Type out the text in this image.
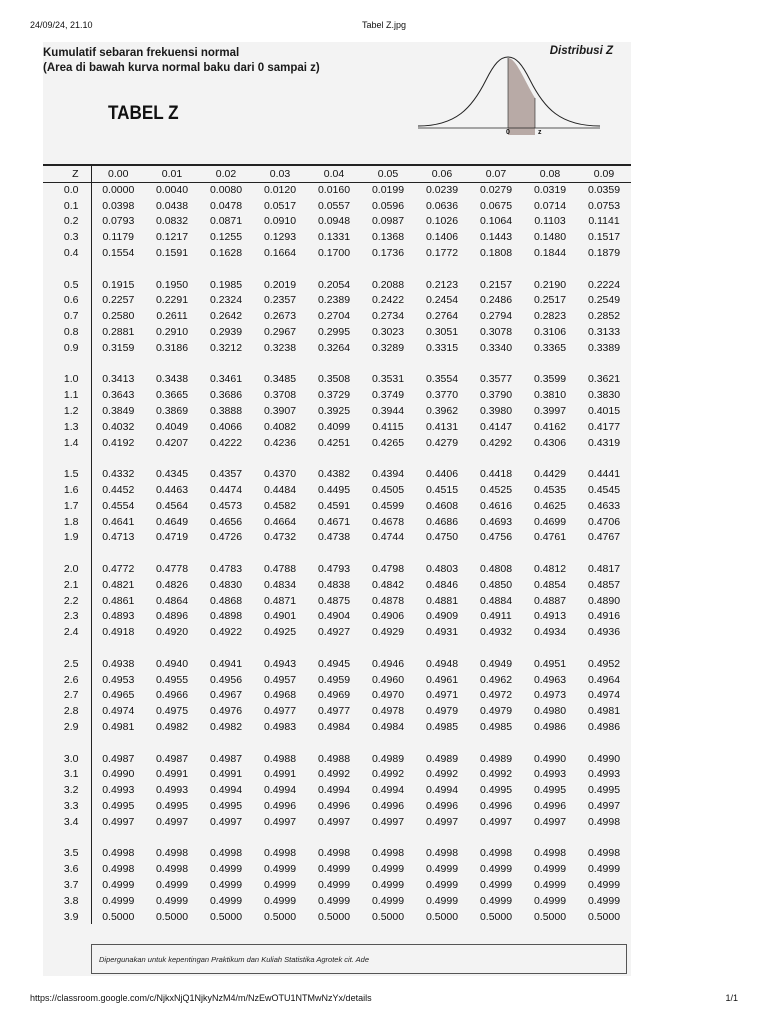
24/09/24, 21.10	Tabel Z.jpg
Kumulatif sebaran frekuensi normal
(Area di bawah kurva normal baku dari 0 sampai z)
Distribusi Z
TABEL Z
0	z
Z	0.00	0.01	0.02	0.03	0.04	0.05	0.06	0.07	0.08	0.09
0.0	0.0000	0.0040	0.0080	0.0120	0.0160	0.0199	0.0239	0.0279	0.0319	0.0359
0.1	0.0398	0.0438	0.0478	0.0517	0.0557	0.0596	0.0636	0.0675	0.0714	0.0753
0.2	0.0793	0.0832	0.0871	0.0910	0.0948	0.0987	0.1026	0.1064	0.1103	0.1141
0.3	0.1179	0.1217	0.1255	0.1293	0.1331	0.1368	0.1406	0.1443	0.1480	0.1517
0.4	0.1554	0.1591	0.1628	0.1664	0.1700	0.1736	0.1772	0.1808	0.1844	0.1879

0.5	0.1915	0.1950	0.1985	0.2019	0.2054	0.2088	0.2123	0.2157	0.2190	0.2224
0.6	0.2257	0.2291	0.2324	0.2357	0.2389	0.2422	0.2454	0.2486	0.2517	0.2549
0.7	0.2580	0.2611	0.2642	0.2673	0.2704	0.2734	0.2764	0.2794	0.2823	0.2852
0.8	0.2881	0.2910	0.2939	0.2967	0.2995	0.3023	0.3051	0.3078	0.3106	0.3133
0.9	0.3159	0.3186	0.3212	0.3238	0.3264	0.3289	0.3315	0.3340	0.3365	0.3389

1.0	0.3413	0.3438	0.3461	0.3485	0.3508	0.3531	0.3554	0.3577	0.3599	0.3621
1.1	0.3643	0.3665	0.3686	0.3708	0.3729	0.3749	0.3770	0.3790	0.3810	0.3830
1.2	0.3849	0.3869	0.3888	0.3907	0.3925	0.3944	0.3962	0.3980	0.3997	0.4015
1.3	0.4032	0.4049	0.4066	0.4082	0.4099	0.4115	0.4131	0.4147	0.4162	0.4177
1.4	0.4192	0.4207	0.4222	0.4236	0.4251	0.4265	0.4279	0.4292	0.4306	0.4319

1.5	0.4332	0.4345	0.4357	0.4370	0.4382	0.4394	0.4406	0.4418	0.4429	0.4441
1.6	0.4452	0.4463	0.4474	0.4484	0.4495	0.4505	0.4515	0.4525	0.4535	0.4545
1.7	0.4554	0.4564	0.4573	0.4582	0.4591	0.4599	0.4608	0.4616	0.4625	0.4633
1.8	0.4641	0.4649	0.4656	0.4664	0.4671	0.4678	0.4686	0.4693	0.4699	0.4706
1.9	0.4713	0.4719	0.4726	0.4732	0.4738	0.4744	0.4750	0.4756	0.4761	0.4767

2.0	0.4772	0.4778	0.4783	0.4788	0.4793	0.4798	0.4803	0.4808	0.4812	0.4817
2.1	0.4821	0.4826	0.4830	0.4834	0.4838	0.4842	0.4846	0.4850	0.4854	0.4857
2.2	0.4861	0.4864	0.4868	0.4871	0.4875	0.4878	0.4881	0.4884	0.4887	0.4890
2.3	0.4893	0.4896	0.4898	0.4901	0.4904	0.4906	0.4909	0.4911	0.4913	0.4916
2.4	0.4918	0.4920	0.4922	0.4925	0.4927	0.4929	0.4931	0.4932	0.4934	0.4936

2.5	0.4938	0.4940	0.4941	0.4943	0.4945	0.4946	0.4948	0.4949	0.4951	0.4952
2.6	0.4953	0.4955	0.4956	0.4957	0.4959	0.4960	0.4961	0.4962	0.4963	0.4964
2.7	0.4965	0.4966	0.4967	0.4968	0.4969	0.4970	0.4971	0.4972	0.4973	0.4974
2.8	0.4974	0.4975	0.4976	0.4977	0.4977	0.4978	0.4979	0.4979	0.4980	0.4981
2.9	0.4981	0.4982	0.4982	0.4983	0.4984	0.4984	0.4985	0.4985	0.4986	0.4986

3.0	0.4987	0.4987	0.4987	0.4988	0.4988	0.4989	0.4989	0.4989	0.4990	0.4990
3.1	0.4990	0.4991	0.4991	0.4991	0.4992	0.4992	0.4992	0.4992	0.4993	0.4993
3.2	0.4993	0.4993	0.4994	0.4994	0.4994	0.4994	0.4994	0.4995	0.4995	0.4995
3.3	0.4995	0.4995	0.4995	0.4996	0.4996	0.4996	0.4996	0.4996	0.4996	0.4997
3.4	0.4997	0.4997	0.4997	0.4997	0.4997	0.4997	0.4997	0.4997	0.4997	0.4998

3.5	0.4998	0.4998	0.4998	0.4998	0.4998	0.4998	0.4998	0.4998	0.4998	0.4998
3.6	0.4998	0.4998	0.4999	0.4999	0.4999	0.4999	0.4999	0.4999	0.4999	0.4999
3.7	0.4999	0.4999	0.4999	0.4999	0.4999	0.4999	0.4999	0.4999	0.4999	0.4999
3.8	0.4999	0.4999	0.4999	0.4999	0.4999	0.4999	0.4999	0.4999	0.4999	0.4999
3.9	0.5000	0.5000	0.5000	0.5000	0.5000	0.5000	0.5000	0.5000	0.5000	0.5000
Dipergunakan untuk kepentingan Praktikum dan Kuliah Statistika Agrotek cit. Ade
https://classroom.google.com/c/NjkxNjQ1NjkyNzM4/m/NzEwOTU1NTMwNzYx/details	1/1
